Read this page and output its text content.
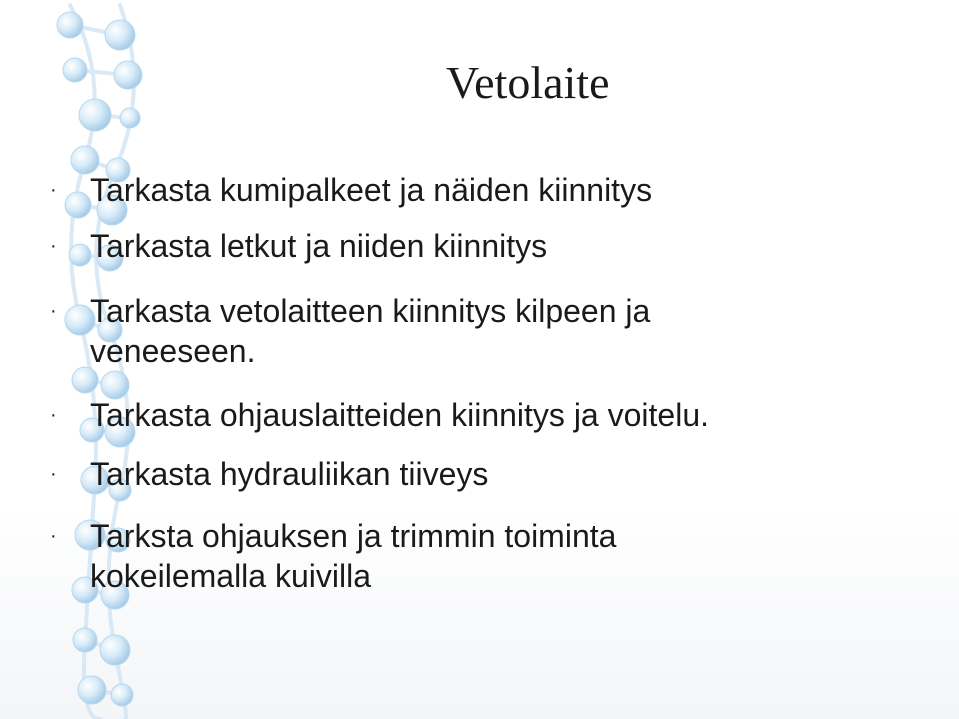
Vetolaite
·	Tarkasta kumipalkeet ja näiden kiinnitys
·	Tarkasta letkut ja niiden kiinnitys
·	Tarkasta vetolaitteen kiinnitys kilpeen ja
veneeseen.
·	Tarkasta ohjauslaitteiden kiinnitys ja voitelu.
·	Tarkasta hydrauliikan tiiveys
·	Tarksta ohjauksen ja trimmin toiminta
kokeilemalla kuivilla
